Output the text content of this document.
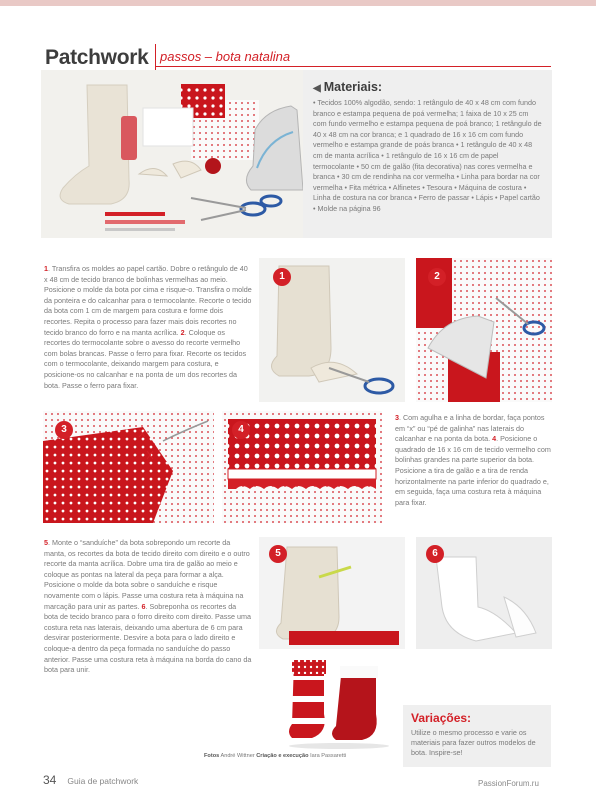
Patchwork passos – bota natalina
◀ Materiais:
• Tecidos 100% algodão, sendo: 1 retângulo de 40 x 48 cm com fundo branco e estampa pequena de poá vermelha; 1 faixa de 10 x 25 cm com fundo vermelho e estampa pequena de poá branco; 1 retângulo de 40 x 48 cm na cor branca; e 1 quadrado de 16 x 16 cm com fundo vermelho e estampa grande de poás branca • 1 retângulo de 40 x 48 cm de manta acrílica • 1 retângulo de 16 x 16 cm de papel termocolante • 50 cm de galão (fita decorativa) nas cores vermelha e branca • 30 cm de rendinha na cor vermelha • Linha para bordar na cor vermelha • Fita métrica • Alfinetes • Tesoura • Máquina de costura • Linha de costura na cor branca • Ferro de passar • Lápis • Papel cartão • Molde na página 96
1. Transfira os moldes ao papel cartão. Dobre o retângulo de 40 x 48 cm de tecido branco de bolinhas vermelhas ao meio. Posicione o molde da bota por cima e risque-o. Transfira o molde da ponteira e do calcanhar para o termocolante. Recorte o tecido da bota com 1 cm de margem para costura e forme dois recortes. Repita o processo para fazer mais dois recortes no tecido branco do forro e na manta acrílica. 2. Coloque os recortes do termocolante sobre o avesso do recorte vermelho com bolas brancas. Passe o ferro para fixar. Recorte os tecidos com o termocolante, deixando margem para costura, e posicione-os no calcanhar e na ponta de um dos recortes da bota. Passe o ferro para fixar.
1	2
3	4
3. Com agulha e a linha de bordar, faça pontos em “x” ou “pé de galinha” nas laterais do calcanhar e na ponta da bota. 4. Posicione o quadrado de 16 x 16 cm de tecido vermelho com bolinhas grandes na parte superior da bota. Posicione a tira de galão e a tira de renda horizontalmente na parte inferior do quadrado e, em seguida, faça uma costura reta à máquina para fixar.
5. Monte o “sanduíche” da bota sobrepondo um recorte da manta, os recortes da bota de tecido direito com direito e o outro recorte da manta acrílica. Dobre uma tira de galão ao meio e coloque as pontas na lateral da peça para formar a alça. Posicione o molde da bota sobre o sanduíche e risque novamente com o lápis. Passe uma costura reta à máquina na marcação para unir as partes. 6. Sobreponha os recortes da bota de tecido branco para o forro direito com direito. Passe uma costura reta nas laterais, deixando uma abertura de 6 cm para desvirar posteriormente. Desvire a bota para o lado direito e coloque-a dentro da peça formada no sanduíche do passo anterior. Passe uma costura reta à máquina na borda do cano da bota para unir.
5	6
Variações:
Utilize o mesmo processo e varie os materiais para fazer outros modelos de bota. Inspire-se!
Fotos André Wittner Criação e execução Iara Passaretti
34 Guia de patchwork	PassionForum.ru
